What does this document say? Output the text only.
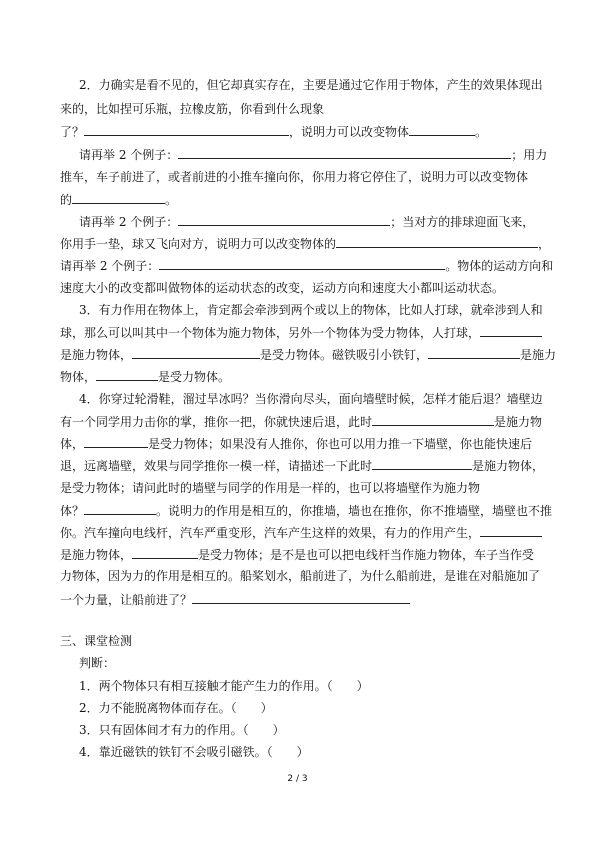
2．力确实是看不见的，但它却真实存在，主要是通过它作用于物体，产生的效果体现出
来的，比如捏可乐瓶，拉橡皮筋，你看到什么现象
了？	，说明力可以改变物体	。
请再举 2 个例子：	；用力
推车，车子前进了，或者前进的小推车撞向你，你用力将它停住了，说明力可以改变物体
的	。
请再举 2 个例子：	；当对方的排球迎面飞来，
你用手一垫，球又飞向对方，说明力可以改变物体的	，
请再举 2 个例子：	。物体的运动方向和
速度大小的改变都叫做物体的运动状态的改变，运动方向和速度大小都叫运动状态。
3．有力作用在物体上，肯定都会牵涉到两个或以上的物体，比如人打球，就牵涉到人和
球，那么可以叫其中一个物体为施力物体，另外一个物体为受力物体，人打球，
是施力物体，	是受力物体。磁铁吸引小铁钉，	是施力
物体，	是受力物体。
4．你穿过轮滑鞋，溜过旱冰吗？当你滑向尽头，面向墙壁时候，怎样才能后退？墙壁边
有一个同学用力击你的掌，推你一把，你就快速后退，此时	是施力物
体，	是受力物体；如果没有人推你，你也可以用力推一下墙壁，你也能快速后
退，远离墙壁，效果与同学推你一模一样，请描述一下此时	是施力物体，
是受力物体；请问此时的墙壁与同学的作用是一样的，也可以将墙壁作为施力物
体？	。说明力的作用是相互的，你推墙，墙也在推你，你不推墙壁，墙壁也不推
你。汽车撞向电线杆，汽车严重变形，汽车产生这样的效果，有力的作用产生，
是施力物体，	是受力物体；是不是也可以把电线杆当作施力物体，车子当作受
力物体，因为力的作用是相互的。船桨划水，船前进了，为什么船前进，是谁在对船施加了
一个力量，让船前进了？
三、课堂检测
判断：
1．两个物体只有相互接触才能产生力的作用。（　　）
2．力不能脱离物体而存在。（　　）
3．只有固体间才有力的作用。（　　）
4．靠近磁铁的铁钉不会吸引磁铁。（　　）
2 / 3
